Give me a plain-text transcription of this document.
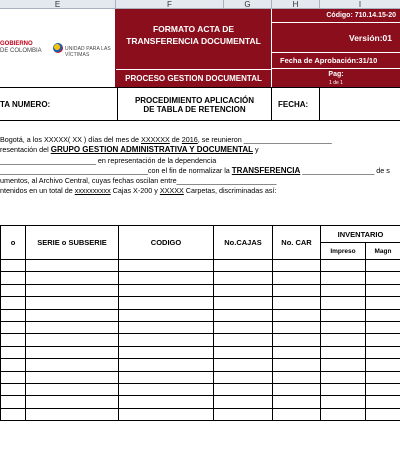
E	F	G	H	I
GOBIERNO
DE COLOMBIA	UNIDAD PARA LAS VÍCTIMAS
FORMATO ACTA DE
TRANSFERENCIA DOCUMENTAL
PROCESO GESTION DOCUMENTAL
Código: 710.14.15-20
Versión:01
Fecha de Aprobación:31/10
Pag:
1 de 1
TA NUMERO:	PROCEDIMIENTO APLICACIÓN
DE TABLA DE RETENCION
FECHA:
Bogotá, a los XXXXX( XX ) días del mes de XXXXXX de 2016, se reunieron ______________________
resentación del GRUPO GESTION ADMINISTRATIVA Y DOCUMENTAL y
________________________ en representación de la dependencia
_____________________________________con el fin de normalizar la TRANSFERENCIA __________________ de s
umentos, al Archivo Central, cuyas fechas oscilan entre_________________________
ntenidos en un total de xxxxxxxxxx Cajas X-200 y XXXXX Carpetas, discriminadas así:
o	SERIE o SUBSERIE	CODIGO	No.CAJAS	No. CAR	INVENTARIO	
					Impreso	Magn
